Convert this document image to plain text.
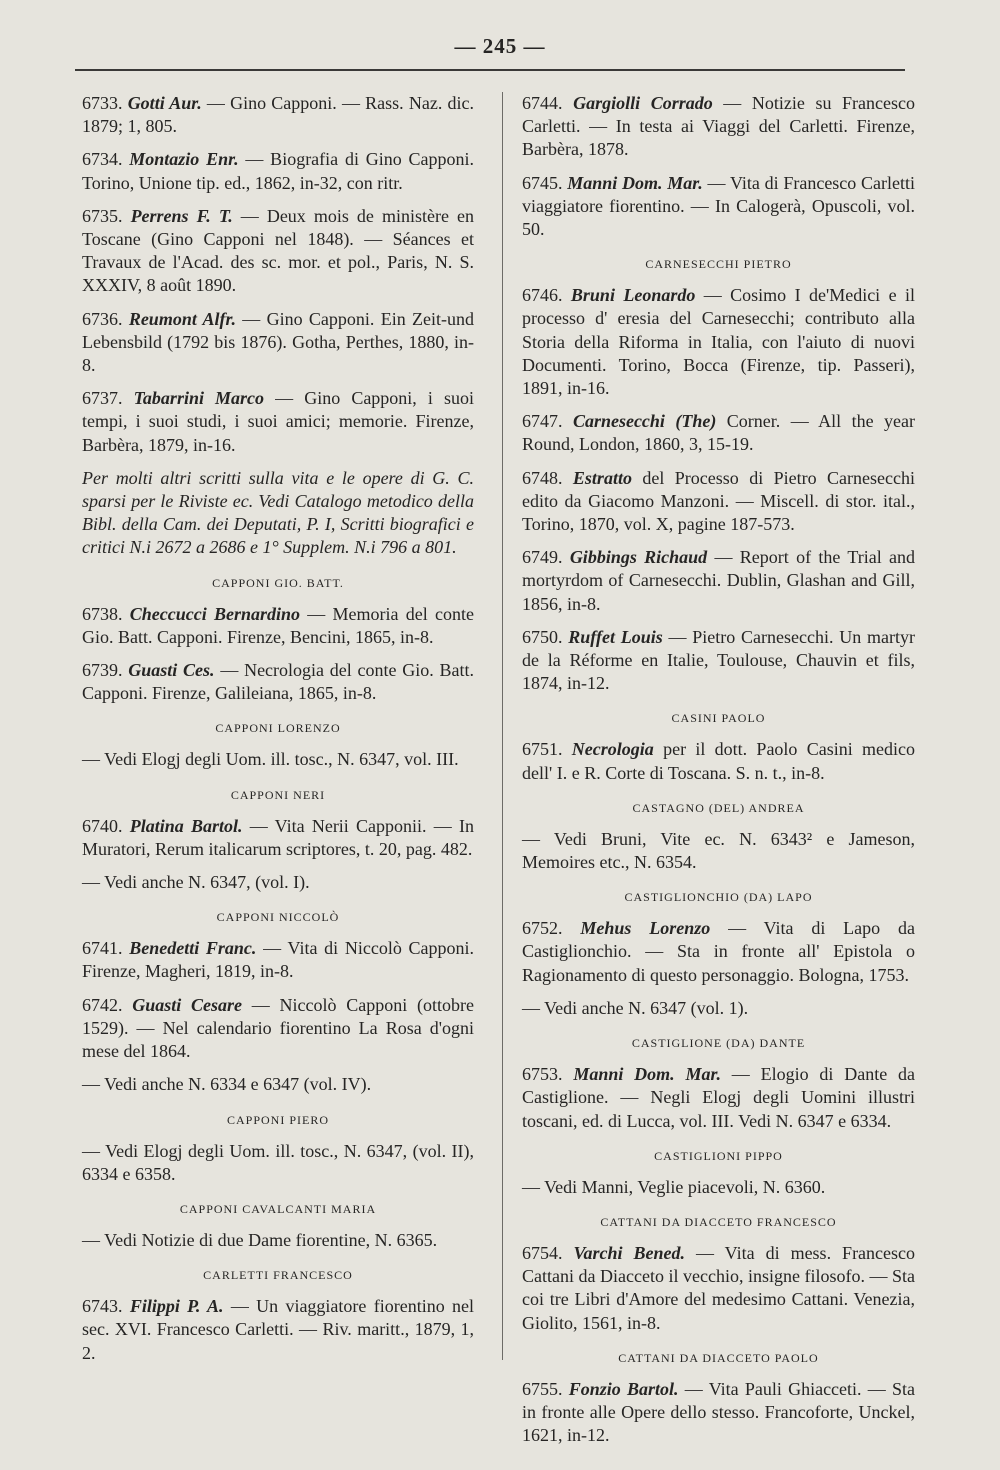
— 245 —

6733. Gotti Aur. — Gino Capponi. — Rass. Naz. dic. 1879; 1, 805.

6734. Montazio Enr. — Biografia di Gino Capponi. Torino, Unione tip. ed., 1862, in-32, con ritr.

6735. Perrens F. T. — Deux mois de ministère en Toscane (Gino Capponi nel 1848). — Séances et Travaux de l'Acad. des sc. mor. et pol., Paris, N. S. XXXIV, 8 août 1890.

6736. Reumont Alfr. — Gino Capponi. Ein Zeit-und Lebensbild (1792 bis 1876). Gotha, Perthes, 1880, in-8.

6737. Tabarrini Marco — Gino Capponi, i suoi tempi, i suoi studi, i suoi amici; memorie. Firenze, Barbèra, 1879, in-16.

Per molti altri scritti sulla vita e le opere di G. C. sparsi per le Riviste ec. Vedi Catalogo metodico della Bibl. della Cam. dei Deputati, P. I, Scritti biografici e critici N.i 2672 a 2686 e 1° Supplem. N.i 796 a 801.

CAPPONI GIO. BATT.

6738. Checcucci Bernardino — Memoria del conte Gio. Batt. Capponi. Firenze, Bencini, 1865, in-8.

6739. Guasti Ces. — Necrologia del conte Gio. Batt. Capponi. Firenze, Galileiana, 1865, in-8.

CAPPONI LORENZO

— Vedi Elogj degli Uom. ill. tosc., N. 6347, vol. III.

CAPPONI NERI

6740. Platina Bartol. — Vita Nerii Capponii. — In Muratori, Rerum italicarum scriptores, t. 20, pag. 482.

— Vedi anche N. 6347, (vol. I).

CAPPONI NICCOLÒ

6741. Benedetti Franc. — Vita di Niccolò Capponi. Firenze, Magheri, 1819, in-8.

6742. Guasti Cesare — Niccolò Capponi (ottobre 1529). — Nel calendario fiorentino La Rosa d'ogni mese del 1864.

— Vedi anche N. 6334 e 6347 (vol. IV).

CAPPONI PIERO

— Vedi Elogj degli Uom. ill. tosc., N. 6347, (vol. II), 6334 e 6358.

CAPPONI CAVALCANTI MARIA

— Vedi Notizie di due Dame fiorentine, N. 6365.

CARLETTI FRANCESCO

6743. Filippi P. A. — Un viaggiatore fiorentino nel sec. XVI. Francesco Carletti. — Riv. maritt., 1879, 1, 2.

6744. Gargiolli Corrado — Notizie su Francesco Carletti. — In testa ai Viaggi del Carletti. Firenze, Barbèra, 1878.

6745. Manni Dom. Mar. — Vita di Francesco Carletti viaggiatore fiorentino. — In Calogerà, Opuscoli, vol. 50.

CARNESECCHI PIETRO

6746. Bruni Leonardo — Cosimo I de'Medici e il processo d' eresia del Carnesecchi; contributo alla Storia della Riforma in Italia, con l'aiuto di nuovi Documenti. Torino, Bocca (Firenze, tip. Passeri), 1891, in-16.

6747. Carnesecchi (The) Corner. — All the year Round, London, 1860, 3, 15-19.

6748. Estratto del Processo di Pietro Carnesecchi edito da Giacomo Manzoni. — Miscell. di stor. ital., Torino, 1870, vol. X, pagine 187-573.

6749. Gibbings Richaud — Report of the Trial and mortyrdom of Carnesecchi. Dublin, Glashan and Gill, 1856, in-8.

6750. Ruffet Louis — Pietro Carnesecchi. Un martyr de la Réforme en Italie, Toulouse, Chauvin et fils, 1874, in-12.

CASINI PAOLO

6751. Necrologia per il dott. Paolo Casini medico dell' I. e R. Corte di Toscana. S. n. t., in-8.

CASTAGNO (DEL) ANDREA

— Vedi Bruni, Vite ec. N. 6343² e Jameson, Memoires etc., N. 6354.

CASTIGLIONCHIO (DA) LAPO

6752. Mehus Lorenzo — Vita di Lapo da Castiglionchio. — Sta in fronte all' Epistola o Ragionamento di questo personaggio. Bologna, 1753.

— Vedi anche N. 6347 (vol. 1).

CASTIGLIONE (DA) DANTE

6753. Manni Dom. Mar. — Elogio di Dante da Castiglione. — Negli Elogj degli Uomini illustri toscani, ed. di Lucca, vol. III. Vedi N. 6347 e 6334.

CASTIGLIONI PIPPO

— Vedi Manni, Veglie piacevoli, N. 6360.

CATTANI DA DIACCETO FRANCESCO

6754. Varchi Bened. — Vita di mess. Francesco Cattani da Diacceto il vecchio, insigne filosofo. — Sta coi tre Libri d'Amore del medesimo Cattani. Venezia, Giolito, 1561, in-8.

CATTANI DA DIACCETO PAOLO

6755. Fonzio Bartol. — Vita Pauli Ghiacceti. — Sta in fronte alle Opere dello stesso. Francoforte, Unckel, 1621, in-12.
